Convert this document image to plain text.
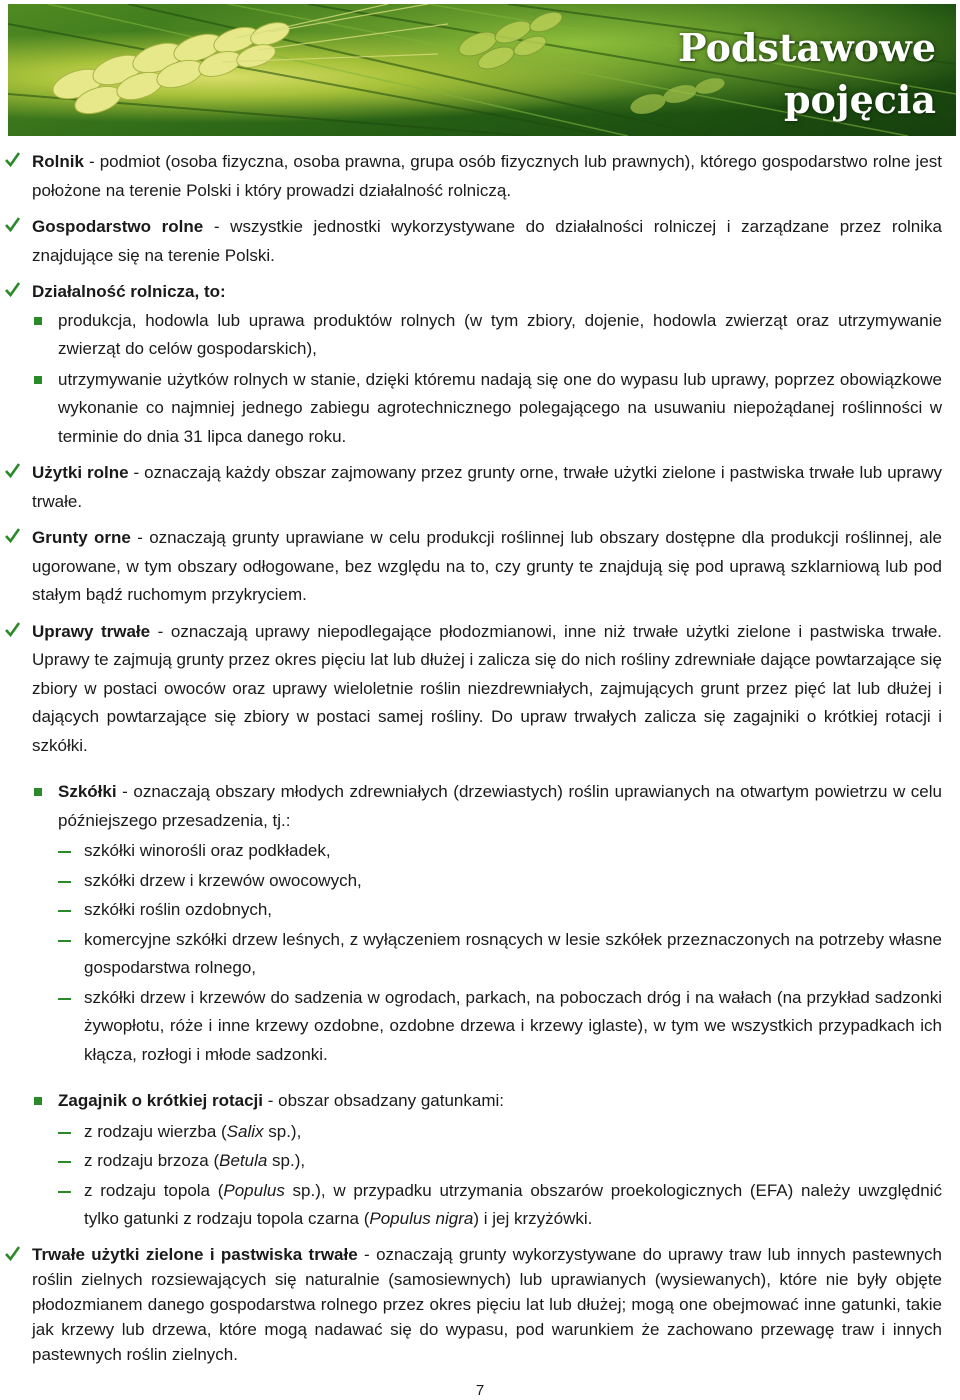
Podstawowe
pojęcia

Rolnik - podmiot (osoba fizyczna, osoba prawna, grupa osób fizycznych lub prawnych), którego gospodarstwo rolne jest położone na terenie Polski i który prowadzi działalność rolniczą.

Gospodarstwo rolne - wszystkie jednostki wykorzystywane do działalności rolniczej i zarządzane przez rolnika znajdujące się na terenie Polski.

Działalność rolnicza, to:

produkcja, hodowla lub uprawa produktów rolnych (w tym zbiory, dojenie, hodowla zwierząt oraz utrzymywanie zwierząt do celów gospodarskich),

utrzymywanie użytków rolnych w stanie, dzięki któremu nadają się one do wypasu lub uprawy, poprzez obowiązkowe wykonanie co najmniej jednego zabiegu agrotechnicznego polegającego na usuwaniu niepożądanej roślinności w terminie do dnia 31 lipca danego roku.

Użytki rolne - oznaczają każdy obszar zajmowany przez grunty orne, trwałe użytki zielone i pastwiska trwałe lub uprawy trwałe.

Grunty orne - oznaczają grunty uprawiane w celu produkcji roślinnej lub obszary dostępne dla produkcji roślinnej, ale ugorowane, w tym obszary odłogowane, bez względu na to, czy grunty te znajdują się pod uprawą szklarniową lub pod stałym bądź ruchomym przykryciem.

Uprawy trwałe - oznaczają uprawy niepodlegające płodozmianowi, inne niż trwałe użytki zielone i pastwiska trwałe. Uprawy te zajmują grunty przez okres pięciu lat lub dłużej i zalicza się do nich rośliny zdrewniałe dające powtarzające się zbiory w postaci owoców oraz uprawy wieloletnie roślin niezdrewniałych, zajmujących grunt przez pięć lat lub dłużej i dających powtarzające się zbiory w postaci samej rośliny. Do upraw trwałych zalicza się zagajniki o krótkiej rotacji i szkółki.

Szkółki - oznaczają obszary młodych zdrewniałych (drzewiastych) roślin uprawianych na otwartym powietrzu w celu późniejszego przesadzenia, tj.:

szkółki winorośli oraz podkładek,

szkółki drzew i krzewów owocowych,

szkółki roślin ozdobnych,

komercyjne szkółki drzew leśnych, z wyłączeniem rosnących w lesie szkółek przeznaczonych na potrzeby własne gospodarstwa rolnego,

szkółki drzew i krzewów do sadzenia w ogrodach, parkach, na poboczach dróg i na wałach (na przykład sadzonki żywopłotu, róże i inne krzewy ozdobne, ozdobne drzewa i krzewy iglaste), w tym we wszystkich przypadkach ich kłącza, rozłogi i młode sadzonki.

Zagajnik o krótkiej rotacji - obszar obsadzany gatunkami:

z rodzaju wierzba (Salix sp.),

z rodzaju brzoza (Betula sp.),

z rodzaju topola (Populus sp.), w przypadku utrzymania obszarów proekologicznych (EFA) należy uwzględnić tylko gatunki z rodzaju topola czarna (Populus nigra) i jej krzyżówki.

Trwałe użytki zielone i pastwiska trwałe - oznaczają grunty wykorzystywane do uprawy traw lub innych pastewnych roślin zielnych rozsiewających się naturalnie (samosiewnych) lub uprawianych (wysiewanych), które nie były objęte płodozmianem danego gospodarstwa rolnego przez okres pięciu lat lub dłużej; mogą one obejmować inne gatunki, takie jak krzewy lub drzewa, które mogą nadawać się do wypasu, pod warunkiem że zachowano przewagę traw i innych pastewnych roślin zielnych.

7
